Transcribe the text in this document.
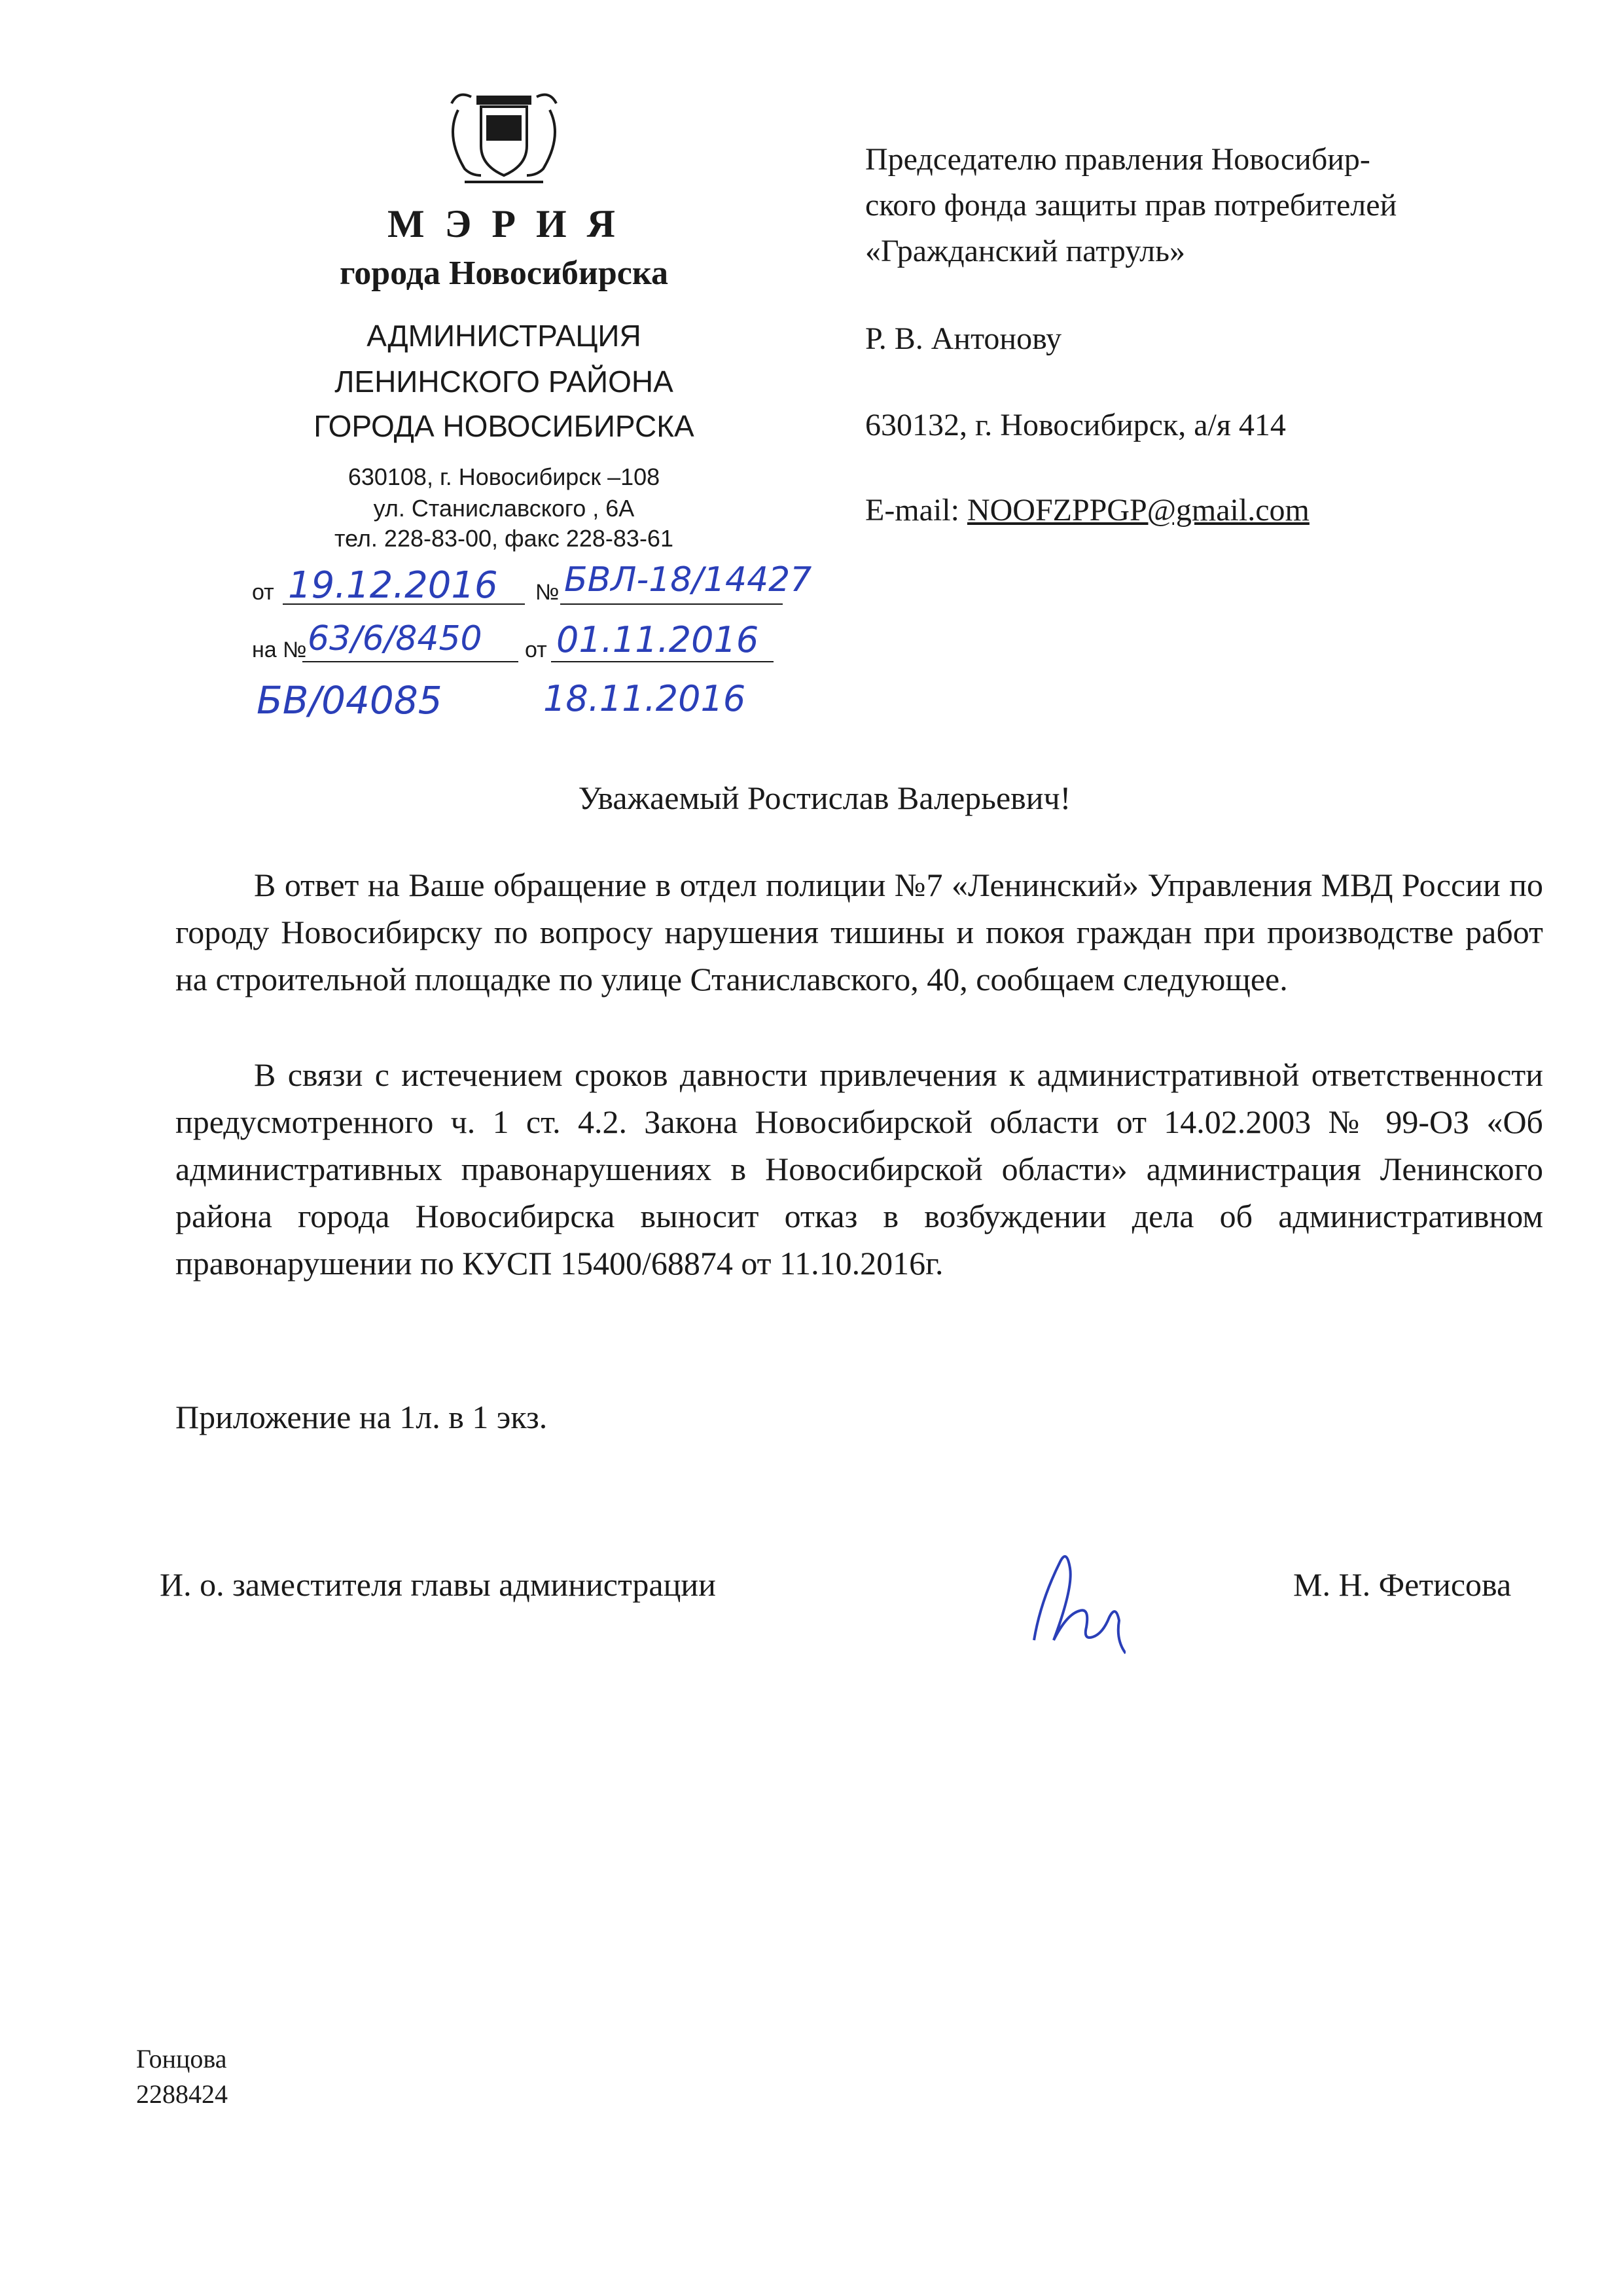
М Э Р И Я
города Новосибирска
АДМИНИСТРАЦИЯ
ЛЕНИНСКОГО РАЙОНА
ГОРОДА НОВОСИБИРСКА
630108, г. Новосибирск –108
ул. Станиславского , 6А
тел. 228-83-00, факс 228-83-61
от 19.12.2016 № БВЛ-18/14427
на № 63/6/8450 от 01.11.2016
БВ/04085	18.11.2016
Председателю правления Новосибир-
ского фонда защиты прав потребителей
«Гражданский патруль»
Р. В. Антонову
630132, г. Новосибирск, а/я 414
E-mail: NOOFZPPGP@gmail.com
Уважаемый Ростислав Валерьевич!
В ответ на Ваше обращение в отдел полиции №7 «Ленинский» Управления МВД России по городу Новосибирску по вопросу нарушения тишины и покоя граждан при производстве работ на строительной площадке по улице Станиславского, 40, сообщаем следующее.
В связи с истечением сроков давности привлечения к административной ответственности предусмотренного ч. 1 ст. 4.2. Закона Новосибирской области от 14.02.2003 № 99-ОЗ «Об административных правонарушениях в Новосибирской области» администрация Ленинского района города Новосибирска выносит отказ в возбуждении дела об административном правонарушении по КУСП 15400/68874 от 11.10.2016г.
Приложение на 1л. в 1 экз.
И. о. заместителя главы администрации	М. Н. Фетисова
Гонцова
2288424
